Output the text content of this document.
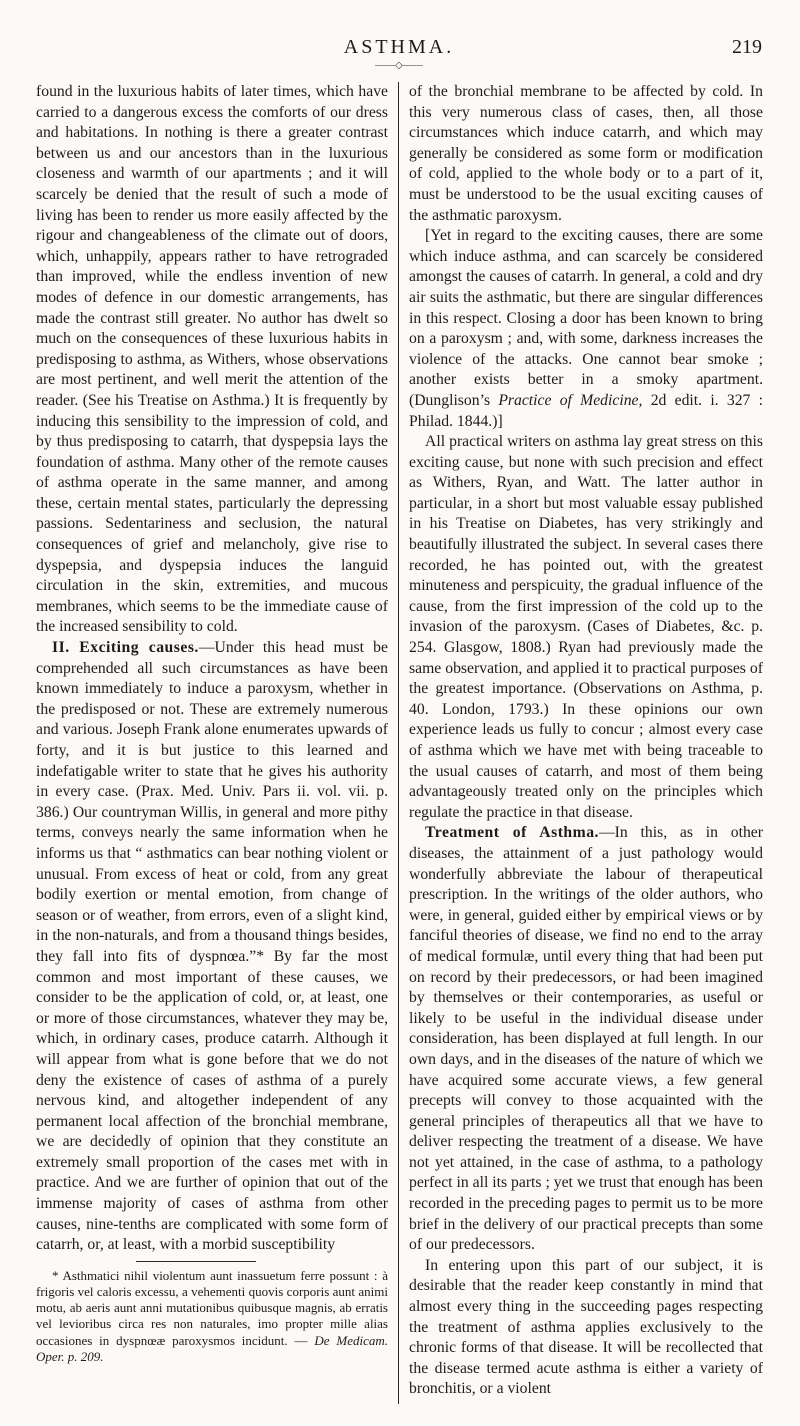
ASTHMA.	219
——◇——

found in the luxurious habits of later times, which have carried to a dangerous excess the comforts of our dress and habitations. In nothing is there a greater contrast between us and our ancestors than in the luxurious closeness and warmth of our apartments ; and it will scarcely be denied that the result of such a mode of living has been to render us more easily affected by the rigour and changeableness of the climate out of doors, which, unhappily, appears rather to have retrograded than improved, while the endless invention of new modes of defence in our domestic arrangements, has made the contrast still greater. No author has dwelt so much on the consequences of these luxurious habits in predisposing to asthma, as Withers, whose observations are most pertinent, and well merit the attention of the reader. (See his Treatise on Asthma.) It is frequently by inducing this sensibility to the impression of cold, and by thus predisposing to catarrh, that dyspepsia lays the foundation of asthma. Many other of the remote causes of asthma operate in the same manner, and among these, certain mental states, particularly the depressing passions. Sedentariness and seclusion, the natural consequences of grief and melancholy, give rise to dyspepsia, and dyspepsia induces the languid circulation in the skin, extremities, and mucous membranes, which seems to be the immediate cause of the increased sensibility to cold.

II. Exciting causes.—Under this head must be comprehended all such circumstances as have been known immediately to induce a paroxysm, whether in the predisposed or not. These are extremely numerous and various. Joseph Frank alone enumerates upwards of forty, and it is but justice to this learned and indefatigable writer to state that he gives his authority in every case. (Prax. Med. Univ. Pars ii. vol. vii. p. 386.) Our countryman Willis, in general and more pithy terms, conveys nearly the same information when he informs us that “ asthmatics can bear nothing violent or unusual. From excess of heat or cold, from any great bodily exertion or mental emotion, from change of season or of weather, from errors, even of a slight kind, in the non-naturals, and from a thousand things besides, they fall into fits of dyspnœa.”* By far the most common and most important of these causes, we consider to be the application of cold, or, at least, one or more of those circumstances, whatever they may be, which, in ordinary cases, produce catarrh. Although it will appear from what is gone before that we do not deny the existence of cases of asthma of a purely nervous kind, and altogether independent of any permanent local affection of the bronchial membrane, we are decidedly of opinion that they constitute an extremely small proportion of the cases met with in practice. And we are further of opinion that out of the immense majority of cases of asthma from other causes, nine-tenths are complicated with some form of catarrh, or, at least, with a morbid susceptibility

* Asthmatici nihil violentum aunt inassuetum ferre possunt : à frigoris vel caloris excessu, a vehementi quovis corporis aunt animi motu, ab aeris aunt anni mutationibus quibusque magnis, ab erratis vel levioribus circa res non naturales, imo propter mille alias occasiones in dyspnœæ paroxysmos incidunt. — De Medicam. Oper. p. 209.

of the bronchial membrane to be affected by cold. In this very numerous class of cases, then, all those circumstances which induce catarrh, and which may generally be considered as some form or modification of cold, applied to the whole body or to a part of it, must be understood to be the usual exciting causes of the asthmatic paroxysm.

[Yet in regard to the exciting causes, there are some which induce asthma, and can scarcely be considered amongst the causes of catarrh. In general, a cold and dry air suits the asthmatic, but there are singular differences in this respect. Closing a door has been known to bring on a paroxysm ; and, with some, darkness increases the violence of the attacks. One cannot bear smoke ; another exists better in a smoky apartment. (Dunglison’s Practice of Medicine, 2d edit. i. 327 : Philad. 1844.)]

All practical writers on asthma lay great stress on this exciting cause, but none with such precision and effect as Withers, Ryan, and Watt. The latter author in particular, in a short but most valuable essay published in his Treatise on Diabetes, has very strikingly and beautifully illustrated the subject. In several cases there recorded, he has pointed out, with the greatest minuteness and perspicuity, the gradual influence of the cause, from the first impression of the cold up to the invasion of the paroxysm. (Cases of Diabetes, &c. p. 254. Glasgow, 1808.) Ryan had previously made the same observation, and applied it to practical purposes of the greatest importance. (Observations on Asthma, p. 40. London, 1793.) In these opinions our own experience leads us fully to concur ; almost every case of asthma which we have met with being traceable to the usual causes of catarrh, and most of them being advantageously treated only on the principles which regulate the practice in that disease.

Treatment of Asthma.—In this, as in other diseases, the attainment of a just pathology would wonderfully abbreviate the labour of therapeutical prescription. In the writings of the older authors, who were, in general, guided either by empirical views or by fanciful theories of disease, we find no end to the array of medical formulæ, until every thing that had been put on record by their predecessors, or had been imagined by themselves or their contemporaries, as useful or likely to be useful in the individual disease under consideration, has been displayed at full length. In our own days, and in the diseases of the nature of which we have acquired some accurate views, a few general precepts will convey to those acquainted with the general principles of therapeutics all that we have to deliver respecting the treatment of a disease. We have not yet attained, in the case of asthma, to a pathology perfect in all its parts ; yet we trust that enough has been recorded in the preceding pages to permit us to be more brief in the delivery of our practical precepts than some of our predecessors.

In entering upon this part of our subject, it is desirable that the reader keep constantly in mind that almost every thing in the succeeding pages respecting the treatment of asthma applies exclusively to the chronic forms of that disease. It will be recollected that the disease termed acute asthma is either a variety of bronchitis, or a violent
